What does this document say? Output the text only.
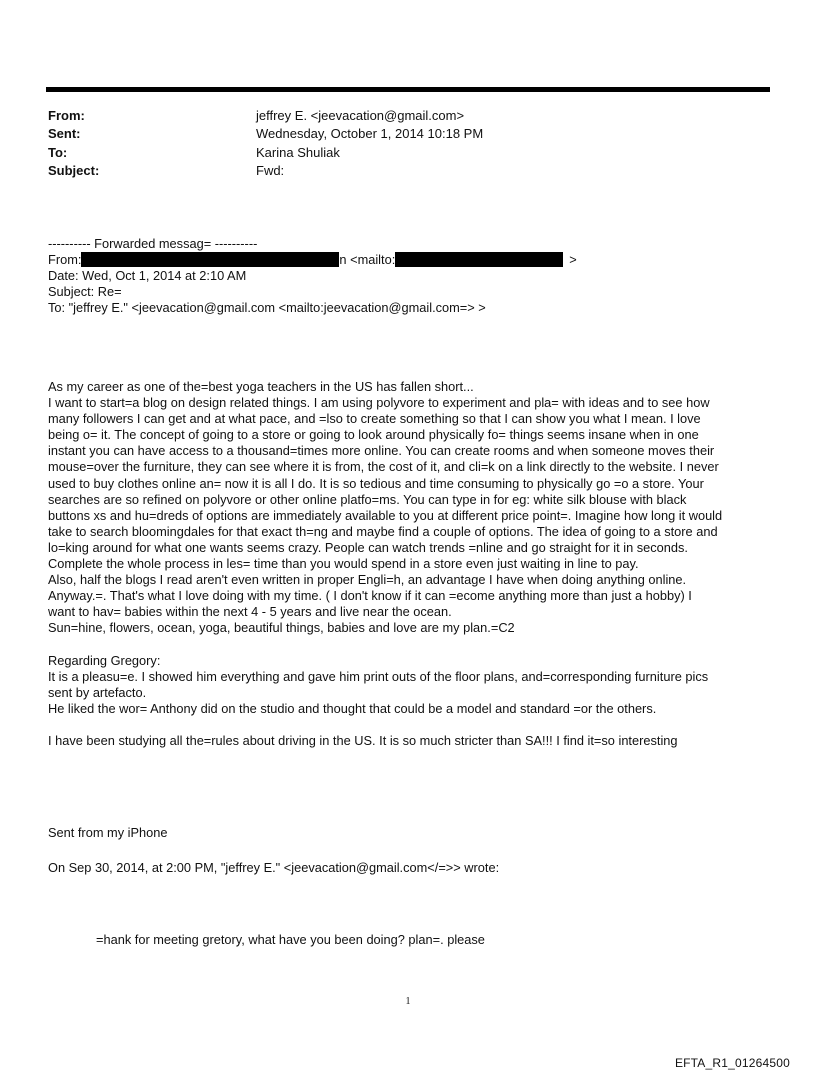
From:	jeffrey E. <jeevacation@gmail.com>
Sent:	Wednesday, October 1, 2014 10:18 PM
To:	Karina Shuliak
Subject:	Fwd:
---------- Forwarded messag= ----------
From:	n <mailto:	>
Date: Wed, Oct 1, 2014 at 2:10 AM
Subject: Re=
To: "jeffrey E." <jeevacation@gmail.com <mailto:jeevacation@gmail.com=> >
As my career as one of the=best yoga teachers in the US has fallen short...
I want to start=a blog on design related things. I am using polyvore to experiment and pla= with ideas and to see how
many followers I can get and at what pace, and =lso to create something so that I can show you what I mean. I love
being o= it. The concept of going to a store or going to look around physically fo= things seems insane when in one
instant you can have access to a thousand=times more online. You can create rooms and when someone moves their
mouse=over the furniture, they can see where it is from, the cost of it, and cli=k on a link directly to the website. I never
used to buy clothes online an= now it is all I do. It is so tedious and time consuming to physically go =o a store. Your
searches are so refined on polyvore or other online platfo=ms. You can type in for eg: white silk blouse with black
buttons xs and hu=dreds of options are immediately available to you at different price point=. Imagine how long it would
take to search bloomingdales for that exact th=ng and maybe find a couple of options. The idea of going to a store and
lo=king around for what one wants seems crazy. People can watch trends =nline and go straight for it in seconds.
Complete the whole process in les= time than you would spend in a store even just waiting in line to pay.
Also, half the blogs I read aren't even written in proper Engli=h, an advantage I have when doing anything online.
Anyway.=. That's what I love doing with my time. ( I don't know if it can =ecome anything more than just a hobby) I
want to hav= babies within the next 4 - 5 years and live near the ocean.
Sun=hine, flowers, ocean, yoga, beautiful things, babies and love are my plan.=C2
Regarding Gregory:
It is a pleasu=e. I showed him everything and gave him print outs of the floor plans, and=corresponding furniture pics
sent by artefacto.
He liked the wor= Anthony did on the studio and thought that could be a model and standard =or the others.
I have been studying all the=rules about driving in the US. It is so much stricter than SA!!! I find it=so interesting
Sent from my iPhone
On Sep 30, 2014, at 2:00 PM, "jeffrey E." <jeevacation@gmail.com</=>> wrote:
=hank for meeting gretory, what have you been doing? plan=. please
1
EFTA_R1_01264500
